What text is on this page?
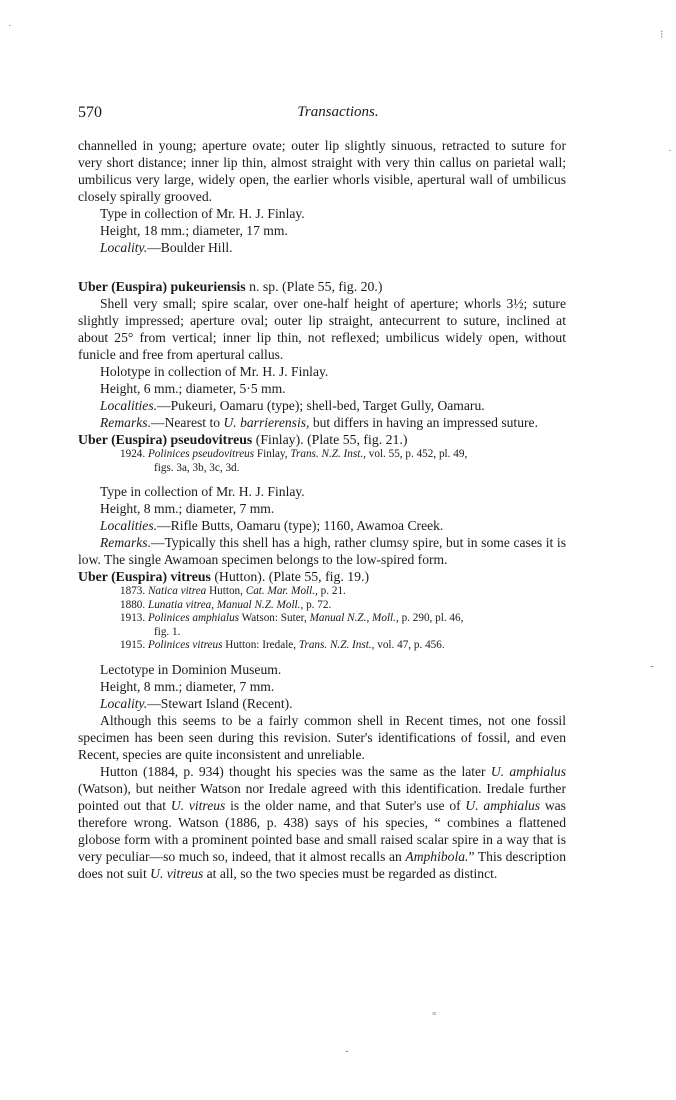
570	Transactions.

channelled in young; aperture ovate; outer lip slightly sinuous, retracted to suture for very short distance; inner lip thin, almost straight with very thin callus on parietal wall; umbilicus very large, widely open, the earlier whorls visible, apertural wall of umbilicus closely spirally grooved.

Type in collection of Mr. H. J. Finlay.

Height, 18 mm.; diameter, 17 mm.

Locality.—Boulder Hill.

Uber (Euspira) pukeuriensis n. sp. (Plate 55, fig. 20.)

Shell very small; spire scalar, over one-half height of aperture; whorls 3½; suture slightly impressed; aperture oval; outer lip straight, antecurrent to suture, inclined at about 25° from vertical; inner lip thin, not reflexed; umbilicus widely open, without funicle and free from apertural callus.

Holotype in collection of Mr. H. J. Finlay.

Height, 6 mm.; diameter, 5·5 mm.

Localities.—Pukeuri, Oamaru (type); shell-bed, Target Gully, Oamaru.

Remarks.—Nearest to U. barrierensis, but differs in having an impressed suture.

Uber (Euspira) pseudovitreus (Finlay). (Plate 55, fig. 21.)

1924. Polinices pseudovitreus Finlay, Trans. N.Z. Inst., vol. 55, p. 452, pl. 49,
figs. 3a, 3b, 3c, 3d.

Type in collection of Mr. H. J. Finlay.

Height, 8 mm.; diameter, 7 mm.

Localities.—Rifle Butts, Oamaru (type); 1160, Awamoa Creek.

Remarks.—Typically this shell has a high, rather clumsy spire, but in some cases it is low. The single Awamoan specimen belongs to the low-spired form.

Uber (Euspira) vitreus (Hutton). (Plate 55, fig. 19.)

1873. Natica vitrea Hutton, Cat. Mar. Moll., p. 21.
1880. Lunatia vitrea, Manual N.Z. Moll., p. 72.
1913. Polinices amphialus Watson: Suter, Manual N.Z., Moll., p. 290, pl. 46,
fig. 1.
1915. Polinices vitreus Hutton: Iredale, Trans. N.Z. Inst., vol. 47, p. 456.

Lectotype in Dominion Museum.

Height, 8 mm.; diameter, 7 mm.

Locality.—Stewart Island (Recent).

Although this seems to be a fairly common shell in Recent times, not one fossil specimen has been seen during this revision. Suter's identifications of fossil, and even Recent, species are quite inconsistent and unreliable.

Hutton (1884, p. 934) thought his species was the same as the later U. amphialus (Watson), but neither Watson nor Iredale agreed with this identification. Iredale further pointed out that U. vitreus is the older name, and that Suter's use of U. amphialus was therefore wrong. Watson (1886, p. 438) says of his species, “ combines a flattened globose form with a prominent pointed base and small raised scalar spire in a way that is very peculiar—so much so, indeed, that it almost recalls an Amphibola.” This description does not suit U. vitreus at all, so the two species must be regarded as distinct.

·
⁝
·
-
°
-
